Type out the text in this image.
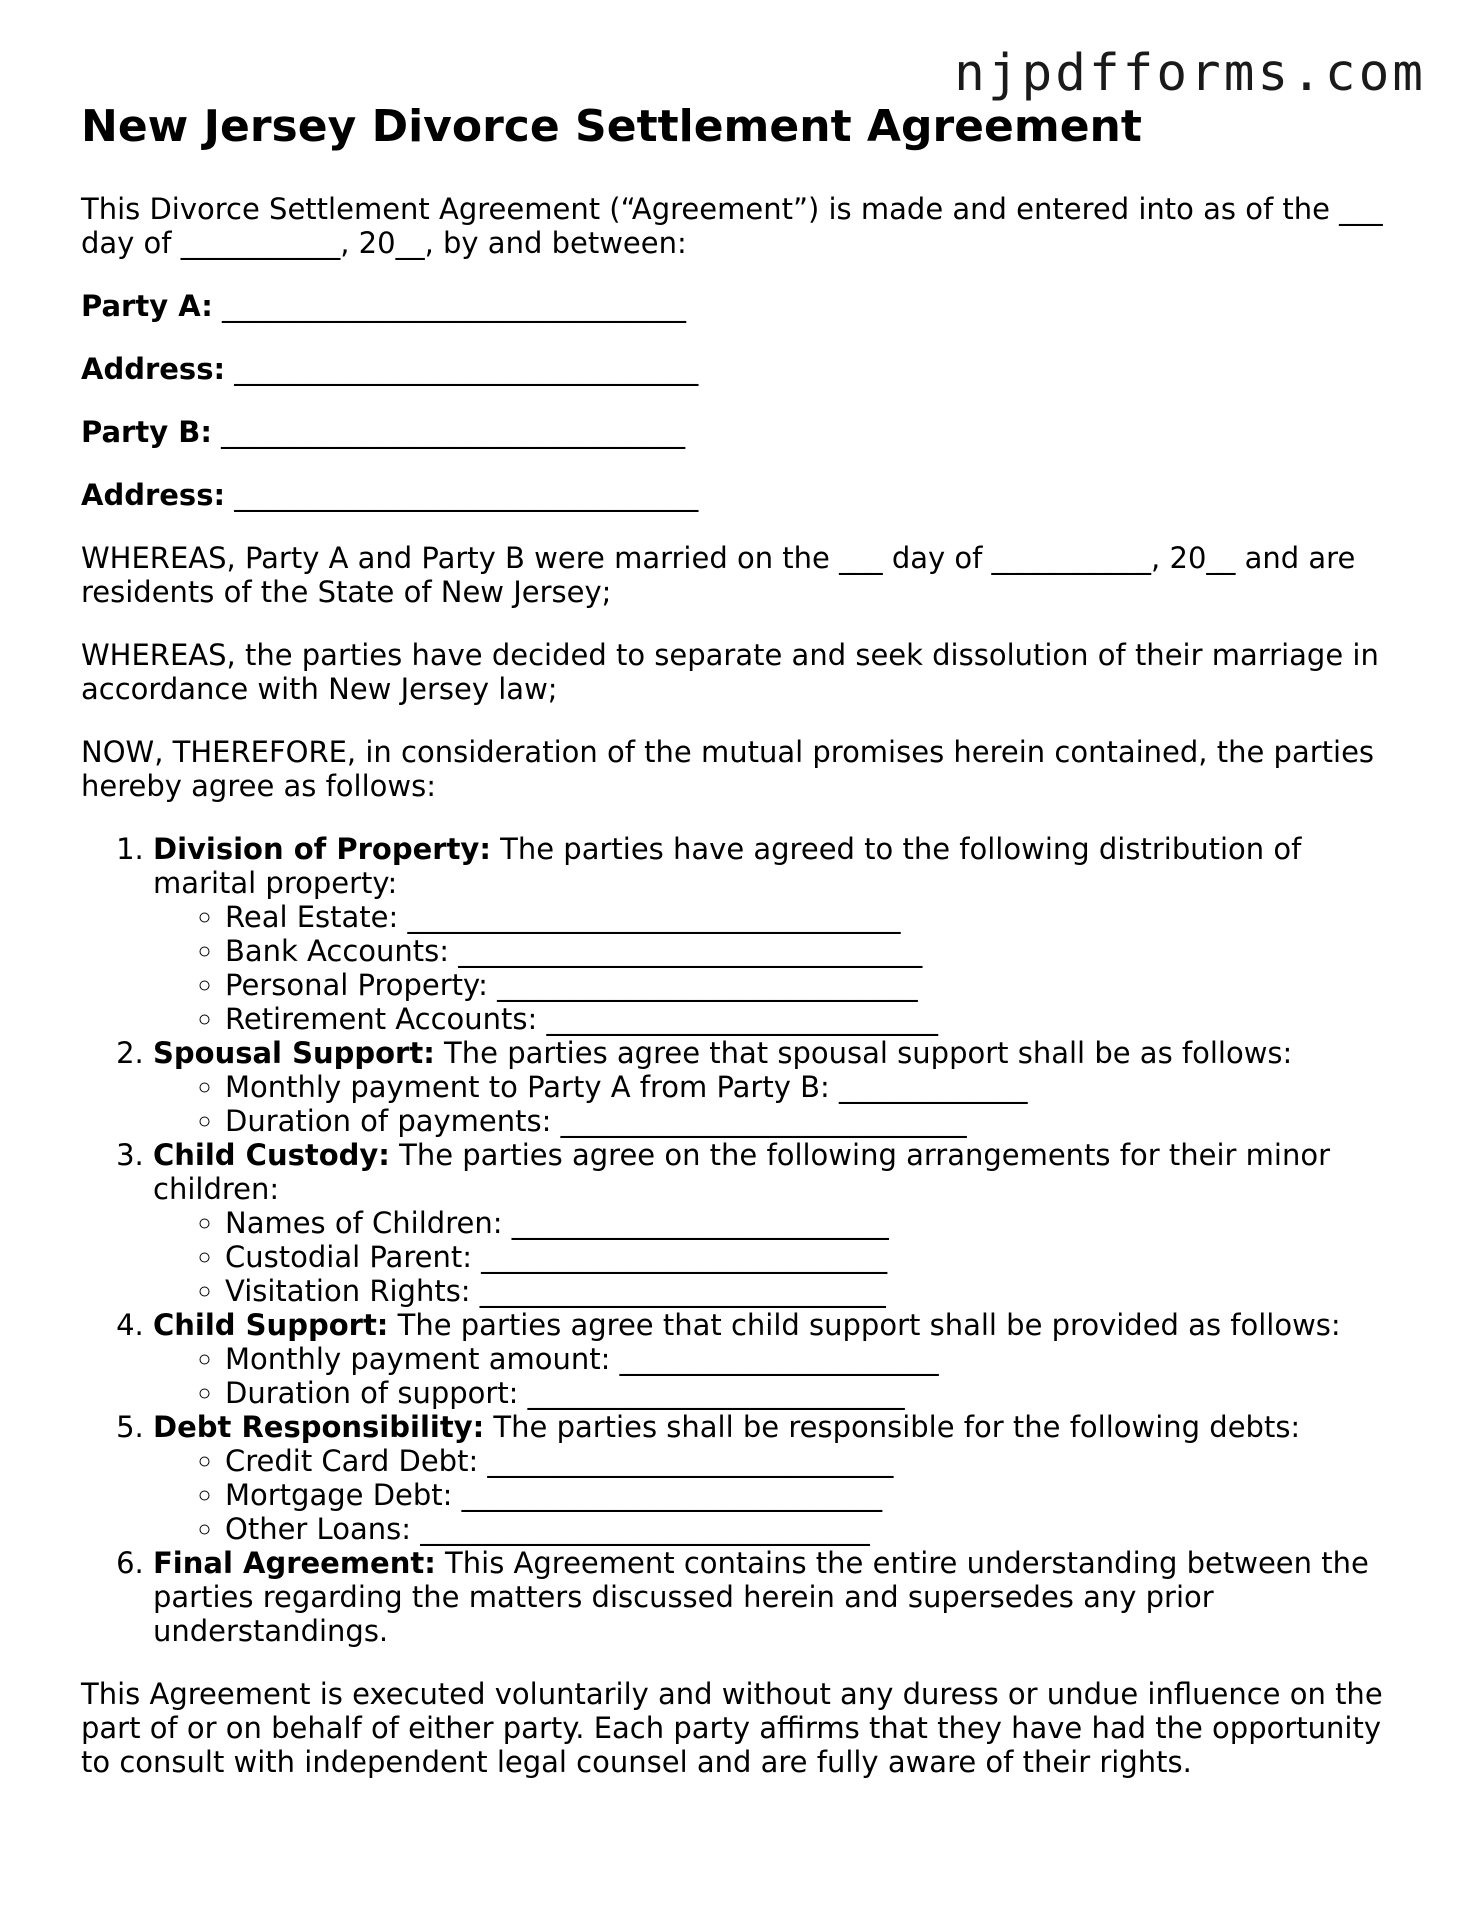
njpdfforms.com
New Jersey Divorce Settlement Agreement

This Divorce Settlement Agreement (“Agreement”) is made and entered into as of the ___ day of ___________, 20__, by and between:

Party A: ________________________________
Address: ________________________________
Party B: ________________________________
Address: ________________________________

WHEREAS, Party A and Party B were married on the ___ day of ___________, 20__ and are residents of the State of New Jersey;

WHEREAS, the parties have decided to separate and seek dissolution of their marriage in accordance with New Jersey law;

NOW, THEREFORE, in consideration of the mutual promises herein contained, the parties hereby agree as follows:

1. Division of Property: The parties have agreed to the following distribution of marital property:
◦ Real Estate: __________________________________
◦ Bank Accounts: ________________________________
◦ Personal Property: _____________________________
◦ Retirement Accounts: ___________________________
2. Spousal Support: The parties agree that spousal support shall be as follows:
◦ Monthly payment to Party A from Party B: _____________
◦ Duration of payments: ____________________________
3. Child Custody: The parties agree on the following arrangements for their minor children:
◦ Names of Children: __________________________
◦ Custodial Parent: ____________________________
◦ Visitation Rights: ____________________________
4. Child Support: The parties agree that child support shall be provided as follows:
◦ Monthly payment amount: ______________________
◦ Duration of support: __________________________
5. Debt Responsibility: The parties shall be responsible for the following debts:
◦ Credit Card Debt: ____________________________
◦ Mortgage Debt: _____________________________
◦ Other Loans: _______________________________
6. Final Agreement: This Agreement contains the entire understanding between the parties regarding the matters discussed herein and supersedes any prior understandings.

This Agreement is executed voluntarily and without any duress or undue influence on the part of or on behalf of either party. Each party affirms that they have had the opportunity to consult with independent legal counsel and are fully aware of their rights.
